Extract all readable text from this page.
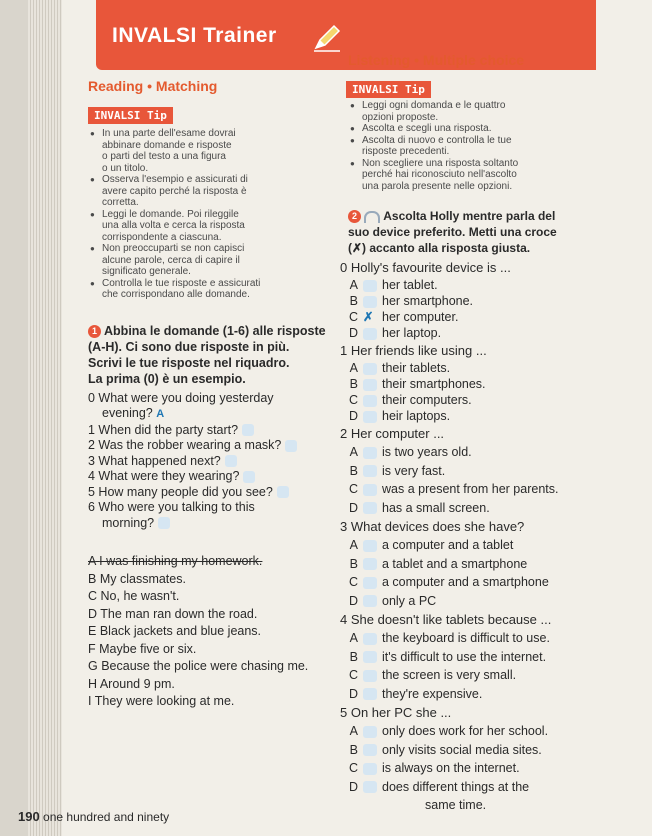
INVALSI Trainer
Reading • Matching
INVALSI Tip

● In una parte dell'esame dovrai

abbinare domande e risposte

o parti del testo a una figura

o un titolo.

● Osserva l'esempio e assicurati di

avere capito perché la risposta è

corretta.

● Leggi le domande. Poi rileggile

una alla volta e cerca la risposta

corrispondente a ciascuna.

● Non preoccuparti se non capisci

alcune parole, cerca di capire il

significato generale.

● Controlla le tue risposte e assicurati

che corrispondano alle domande.

1 Abbina le domande (1-6) alle risposte

(A-H). Ci sono due risposte in più.

Scrivi le tue risposte nel riquadro.

La prima (0) è un esempio.

0 What were you doing yesterday

evening? A

1 When did the party start?

2 Was the robber wearing a mask?

3 What happened next?

4 What were they wearing?

5 How many people did you see?

6 Who were you talking to this

morning?

A I was finishing my homework.

B My classmates.

C No, he wasn't.

D The man ran down the road.

E Black jackets and blue jeans.

F Maybe five or six.

G Because the police were chasing me.

H Around 9 pm.

I They were looking at me.

Listening • Multiple choice
INVALSI Tip

● Leggi ogni domanda e le quattro

opzioni proposte.

● Ascolta e scegli una risposta.

● Ascolta di nuovo e controlla le tue

risposte precedenti.

● Non scegliere una risposta soltanto

perché hai riconosciuto nell'ascolto

una parola presente nelle opzioni.

2 Ascolta Holly mentre parla del

suo device preferito. Metti una croce

(✗) accanto alla risposta giusta.

0 Holly's favourite device is ...

A her tablet.

B her smartphone.

C ✗ her computer.

D her laptop.

1 Her friends like using ...

A their tablets.

B their smartphones.

C their computers.

D heir laptops.

2 Her computer ...

A is two years old.

B is very fast.

C was a present from her parents.

D has a small screen.

3 What devices does she have?

A a computer and a tablet

B a tablet and a smartphone

C a computer and a smartphone

D only a PC

4 She doesn't like tablets because ...

A the keyboard is difficult to use.

B it's difficult to use the internet.

C the screen is very small.

D they're expensive.

5 On her PC she ...

A only does work for her school.

B only visits social media sites.

C is always on the internet.

D does different things at the

same time.

190 one hundred and ninety
